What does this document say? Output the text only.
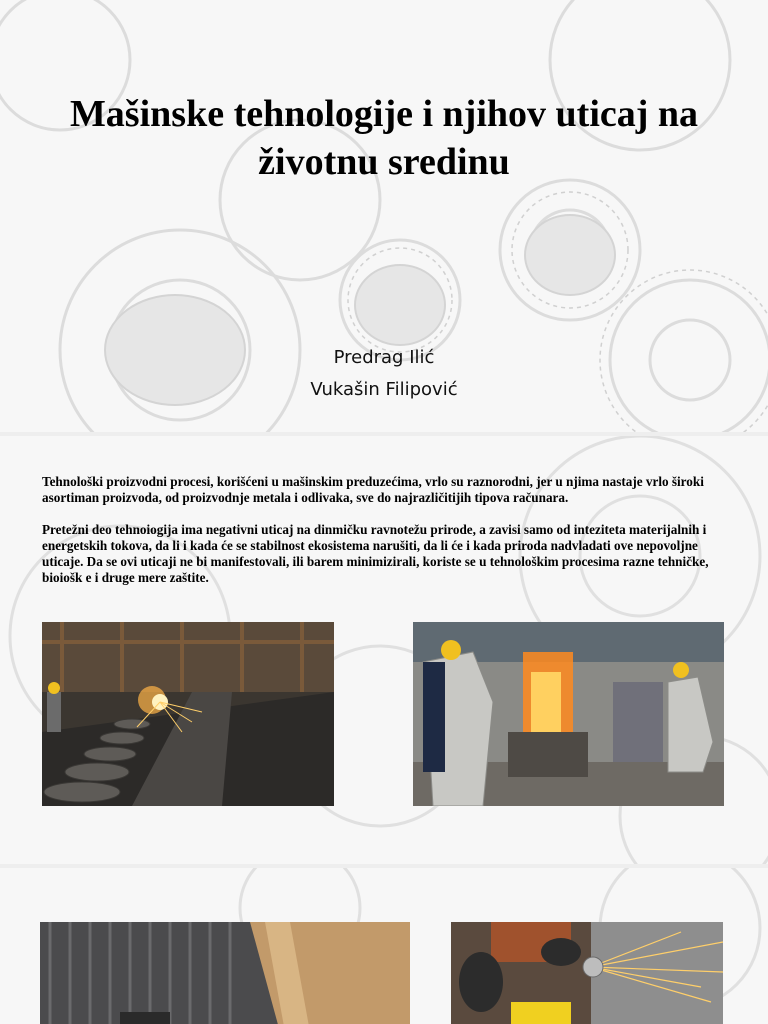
Mašinske tehnologije i njihov uticaj na životnu sredinu
Predrag Ilić
Vukašin Filipović

Tehnološki proizvodni procesi, korišćeni u mašinskim preduzećima, vrlo su raznorodni, jer u njima nastaje vrlo široki asortiman proizvoda, od proizvodnje metala i odlivaka, sve do najrazličitijih tipova računara.

Pretežni deo tehnoiogija ima negativni uticaj na dinmičku ravnotežu prirode, a zavisi samo od inteziteta materijalnih i energetskih tokova, da li i kada će se stabilnost ekosistema narušiti, da li će i kada priroda nadvladati ove nepovoljne uticaje. Da se ovi uticaji ne bi manifestovali, ili barem minimizirali, koriste se u tehnološkim procesima razne tehničke, bioiošk e i druge mere zaštite.
